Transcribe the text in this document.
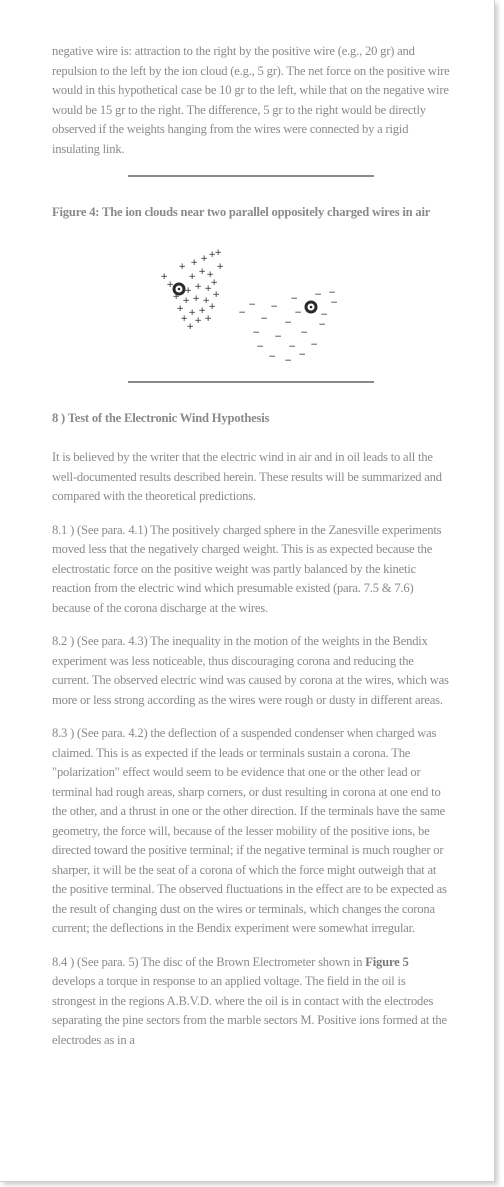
negative wire is: attraction to the right by the positive wire (e.g., 20 gr) and repulsion to the left by the ion cloud (e.g., 5 gr). The net force on the positive wire would in this hypothetical case be 10 gr to the left, while that on the negative wire would be 15 gr to the right. The difference, 5 gr to the right would be directly observed if the weights hanging from the wires were connected by a rigid insulating link.

Figure 4: The ion clouds near two parallel oppositely charged wires in air
+ + + +
+
+
+ +
+
+
+ + +
+
+ + +
+ + + +
+
+ +
+
+
+
+
−
−
−
−
−
−
−
−
−
−
−
−
− −
−
−
−
−
−
−
−
8 ) Test of the Electronic Wind Hypothesis

It is believed by the writer that the electric wind in air and in oil leads to all the well-documented results described herein. These results will be summarized and compared with the theoretical predictions.

8.1 ) (See para. 4.1) The positively charged sphere in the Zanesville experiments moved less that the negatively charged weight. This is as expected because the electrostatic force on the positive weight was partly balanced by the kinetic reaction from the electric wind which presumable existed (para. 7.5 & 7.6) because of the corona discharge at the wires.

8.2 ) (See para. 4.3) The inequality in the motion of the weights in the Bendix experiment was less noticeable, thus discouraging corona and reducing the current. The observed electric wind was caused by corona at the wires, which was more or less strong according as the wires were rough or dusty in different areas.

8.3 ) (See para. 4.2) the deflection of a suspended condenser when charged was claimed. This is as expected if the leads or terminals sustain a corona. The "polarization" effect would seem to be evidence that one or the other lead or terminal had rough areas, sharp corners, or dust resulting in corona at one end to the other, and a thrust in one or the other direction. If the terminals have the same geometry, the force will, because of the lesser mobility of the positive ions, be directed toward the positive terminal; if the negative terminal is much rougher or sharper, it will be the seat of a corona of which the force might outweigh that at the positive terminal. The observed fluctuations in the effect are to be expected as the result of changing dust on the wires or terminals, which changes the corona current; the deflections in the Bendix experiment were somewhat irregular.

8.4 ) (See para. 5) The disc of the Brown Electrometer shown in Figure 5 develops a torque in response to an applied voltage. The field in the oil is strongest in the regions A.B.V.D. where the oil is in contact with the electrodes separating the pine sectors from the marble sectors M. Positive ions formed at the electrodes as in a
